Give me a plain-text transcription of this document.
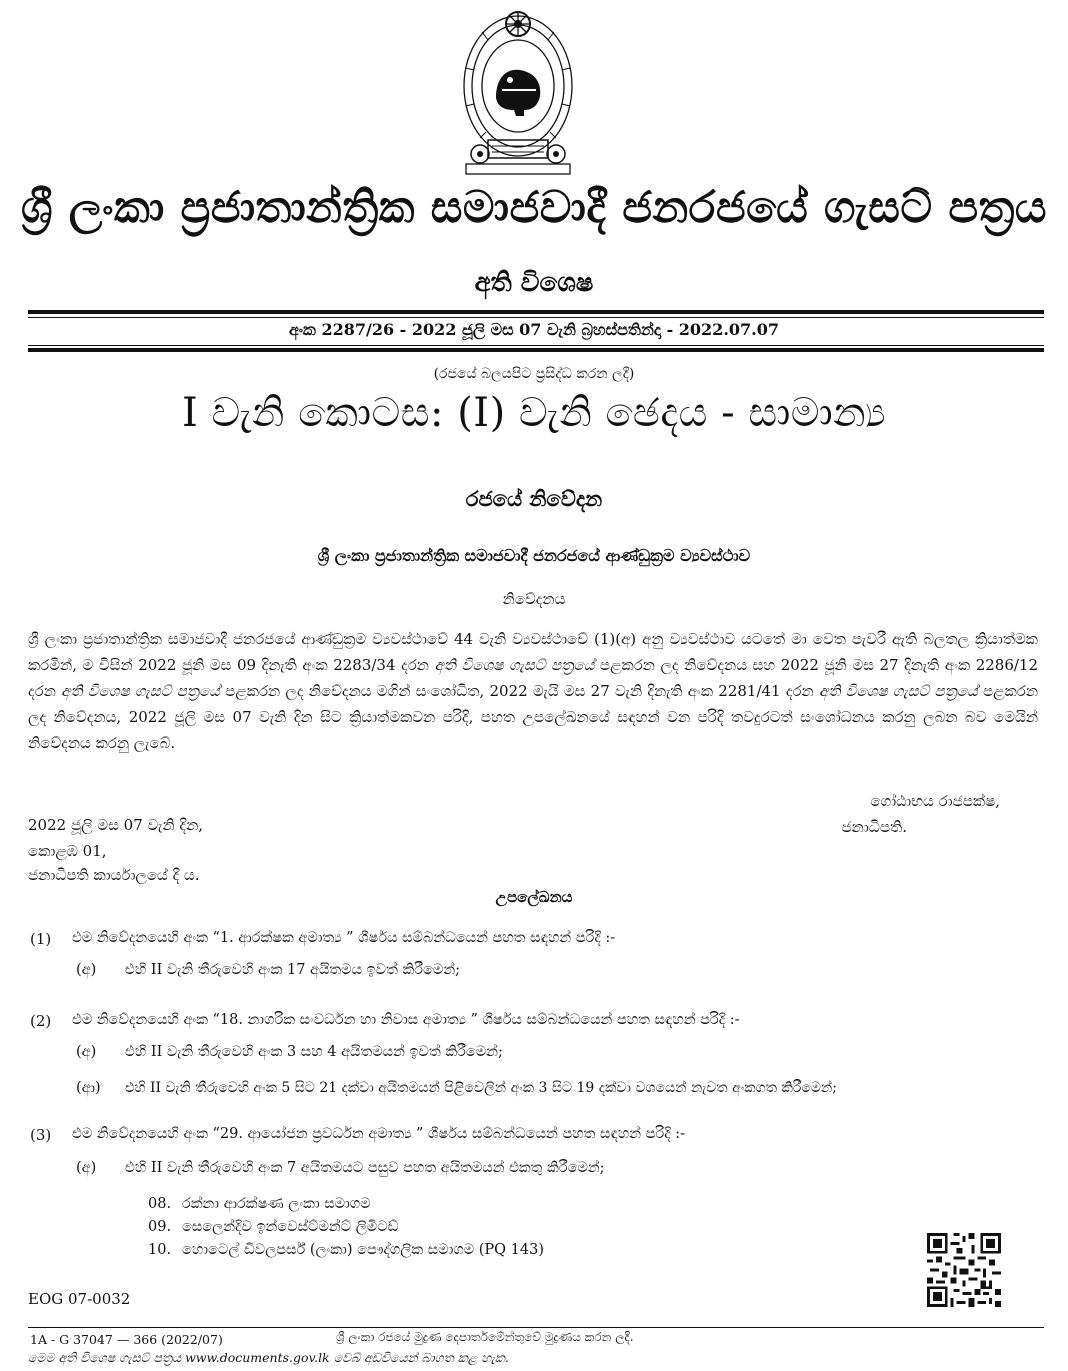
ශ්‍රී ලංකා ප්‍රජාතාන්ත්‍රික සමාජවාදී ජනරජයේ ගැසට් පත්‍රය
අති විශෙෂ
අංක 2287/26 - 2022 ජූලි මස 07 වැනි බ්‍රහස්පතින්දා - 2022.07.07
(රජයේ බලයපිට ප්‍රසිද්ධ කරන ලදී)
I වැනි කොටස: (I) වැනි ඡෙදය - සාමාන්‍ය
රජයේ නිවේදන
ශ්‍රී ලංකා ප්‍රජාතාන්ත්‍රික සමාජවාදී ජනරජයේ ආණ්ඩුක්‍රම ව්‍යවස්ථාව
නිවේදනය
ශ්‍රී ලංකා ප්‍රජාතාන්ත්‍රික සමාජවාදී ජනරජයේ ආණ්ඩුක්‍රම ව්‍යවස්ථාවේ 44 වැනි ව්‍යවස්ථාවේ (1)(අ) අනු ව්‍යවස්ථාව යටතේ මා වෙත පැවරී ඇති බලතල ක්‍රියාත්මක කරමින්, ම විසින් 2022 ජූනි මස 09 දිනැති අංක 2283/34 දරන අති විශෙෂ ගැසට් පත්‍රයේ පළකරන ලද නිවේදනය සහ 2022 ජූනි මස 27 දිනැති අංක 2286/12 දරන අති විශෙෂ ගැසට් පත්‍රයේ පළකරන ලද නිවේදනය මගින් සංශෝධිත, 2022 මැයි මස 27 වැනි දිනැති අංක 2281/41 දරන අති විශෙෂ ගැසට් පත්‍රයේ පළකරන ලද නිවේදනය, 2022 ජූලි මස 07 වැනි දින සිට ක්‍රියාත්මකවන පරිදි, පහත උපලේඛනයේ සඳහන් වන පරිදි තවදුරටත් සංශෝධනය කරනු ලබන බව මෙයින් නිවේදනය කරනු ලැබේ.
ගෝඨාභය රාජපක්ෂ,
ජනාධිපති.
2022 ජූලි මස 07 වැනි දින,
කොළඹ 01,
ජනාධිපති කාර්යාලයේ දී ය.
උපලේඛනය
(1) එම නිවේදනයෙහි අංක “1. ආරක්ෂක අමාත්‍ය ” ශීර්ෂය සම්බන්ධයෙන් පහත සඳහන් පරිදි :-
(අ) එහි II වැනි තීරුවෙහි අංක 17 අයිතමය ඉවත් කිරීමෙන්;
(2) එම නිවේදනයෙහි අංක “18. නාගරික සංවර්ධන හා නිවාස අමාත්‍ය ” ශීර්ෂය සම්බන්ධයෙන් පහත සඳහන් පරිදි :-
(අ) එහි II වැනි තීරුවෙහි අංක 3 සහ 4 අයිතමයන් ඉවත් කිරීමෙන්;
(ආ) එහි II වැනි තීරුවෙහි අංක 5 සිට 21 දක්වා අයිතමයන් පිළිවෙලින් අංක 3 සිට 19 දක්වා වශයෙන් නැවත අංකගත කිරීමෙන්;
(3) එම නිවේදනයෙහි අංක “29. ආයෝජන ප්‍රවර්ධන අමාත්‍ය ” ශීර්ෂය සම්බන්ධයෙන් පහත සඳහන් පරිදි :-
(අ) එහි II වැනි තීරුවෙහි අංක 7 අයිතමයට පසුව පහත අයිතමයන් එකතු කිරීමෙන්;
08. රක්නා ආරක්ෂණ ලංකා සමාගම
09. සෙලෙන්දිව ඉන්වෙස්ට්මන්ට් ලිමිටඩ්
10. හොටෙල් ඩිවලපර්ස් (ලංකා) පෞද්ගලික සමාගම (PQ 143)
EOG 07-0032
1A - G 37047 — 366 (2022/07)	ශ්‍රී ලංකා රජයේ මුද්‍රණ දෙපාර්තමේන්තුවේ මුද්‍රණය කරන ලදී.
මෙම අති විශෙෂ ගැසට් පත්‍රය www.documents.gov.lk වෙබ් අඩවියෙන් බාගත කළ හැක.
